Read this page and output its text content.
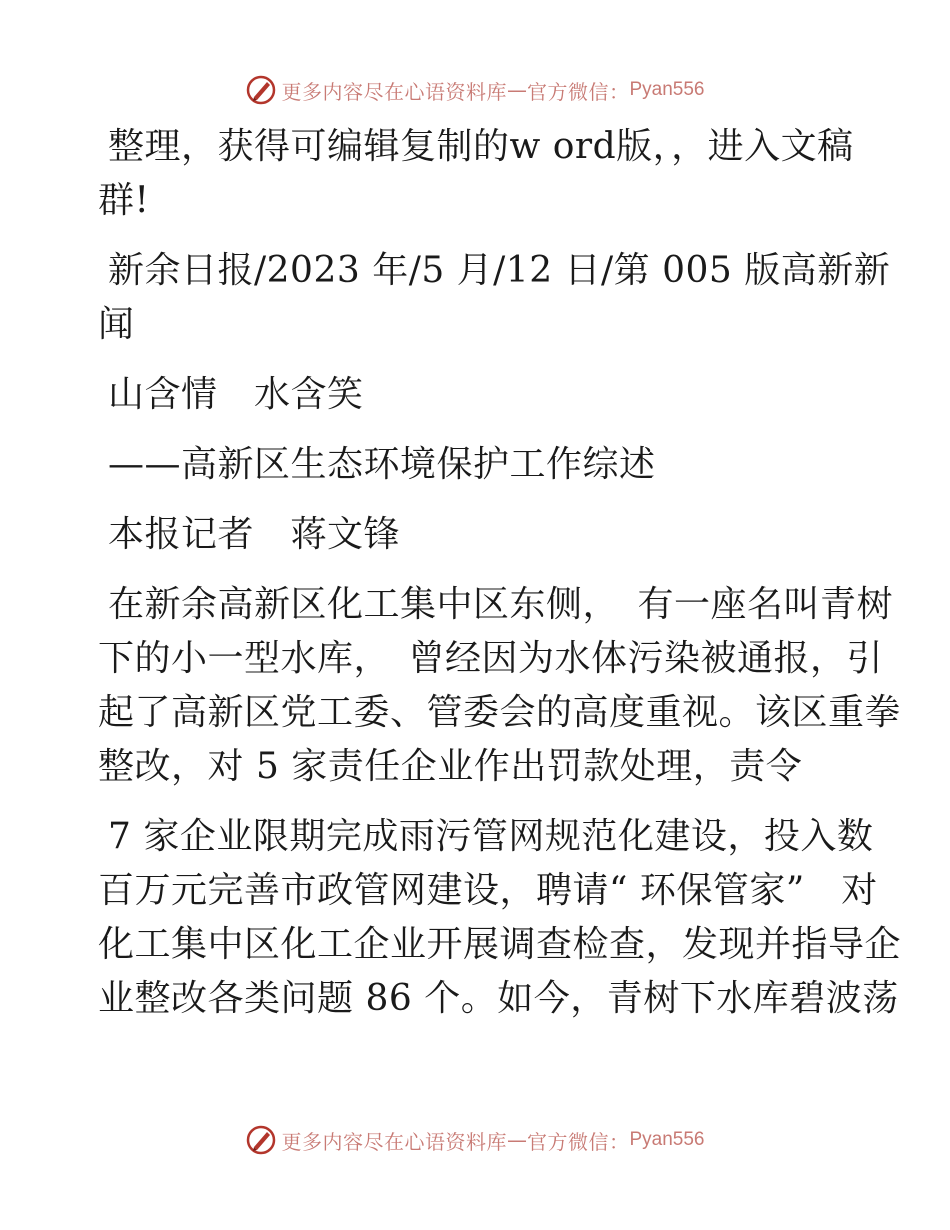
更多内容尽在心语资料库 — 官方微信： Pyan556
整理，获得可编辑复制的w ord版，，进入文稿
群!
新余日报/2023 年/5 月/12 日/第 005 版高新新
闻
山含情　水含笑
——高新区生态环境保护工作综述
本报记者　蒋文锋
在新余高新区化工集中区东侧，　有一座名叫青树
下的小一型水库，　曾经因为水体污染被通报，引
起了高新区党工委、管委会的高度重视。该区重拳
整改，对 5 家责任企业作出罚款处理，责令
7 家企业限期完成雨污管网规范化建设，投入数
百万元完善市政管网建设，聘请“ 环保管家”　对
化工集中区化工企业开展调查检查，发现并指导企
业整改各类问题 86 个。如今，青树下水库碧波荡
更多内容尽在心语资料库 — 官方微信： Pyan556
